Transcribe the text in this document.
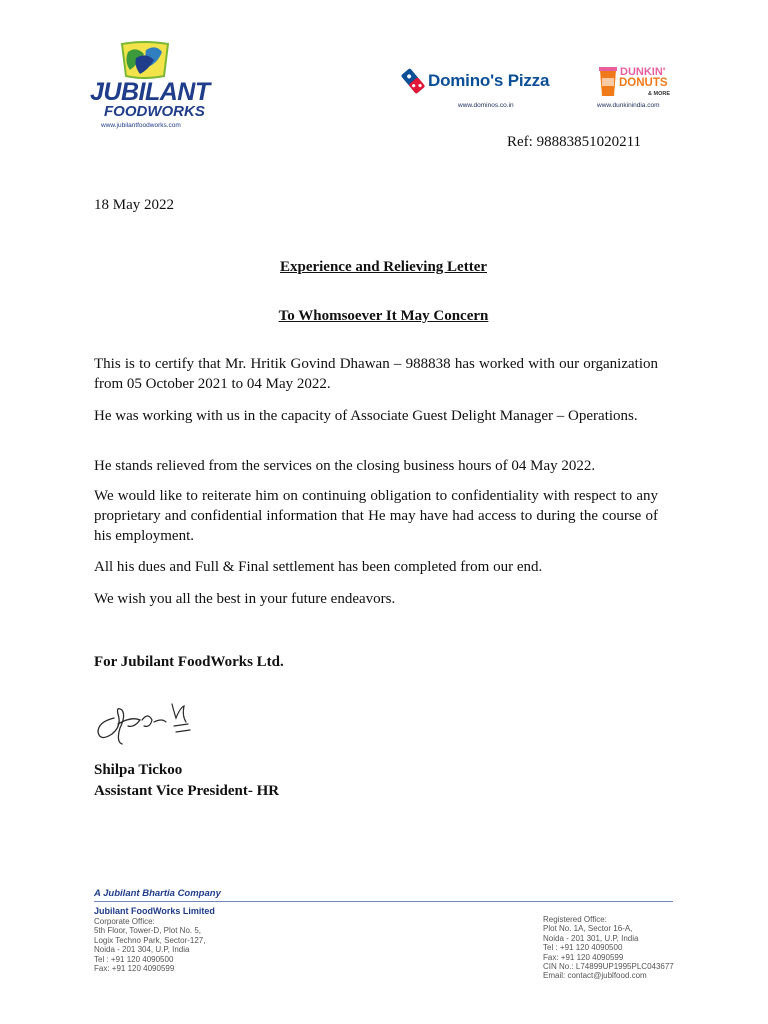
JUBILANT
FOODWORKS
www.jubilantfoodworks.com
Domino's Pizza
www.dominos.co.in
DUNKIN'
DONUTS
& MORE
www.dunkinindia.com
Ref: 98883851020211
18 May 2022
Experience and Relieving Letter
To Whomsoever It May Concern
This is to certify that Mr. Hritik Govind Dhawan – 988838 has worked with our organization from 05 October 2021 to 04 May 2022.
He was working with us in the capacity of Associate Guest Delight Manager – Operations.
He stands relieved from the services on the closing business hours of 04 May 2022.
We would like to reiterate him on continuing obligation to confidentiality with respect to any proprietary and confidential information that He may have had access to during the course of his employment.
All his dues and Full & Final settlement has been completed from our end.
We wish you all the best in your future endeavors.
For Jubilant FoodWorks Ltd.
Shilpa Tickoo
Assistant Vice President- HR
A Jubilant Bhartia Company
Jubilant FoodWorks Limited
Corporate Office:
5th Floor, Tower-D, Plot No. 5,
Logix Techno Park, Sector-127,
Noida - 201 304, U.P, India
Tel : +91 120 4090500
Fax: +91 120 4090599
Registered Office:
Plot No. 1A, Sector 16-A,
Noida - 201 301, U.P, India
Tel : +91 120 4090500
Fax: +91 120 4090599
CIN No.: L74899UP1995PLC043677
Email: contact@jublfood.com
